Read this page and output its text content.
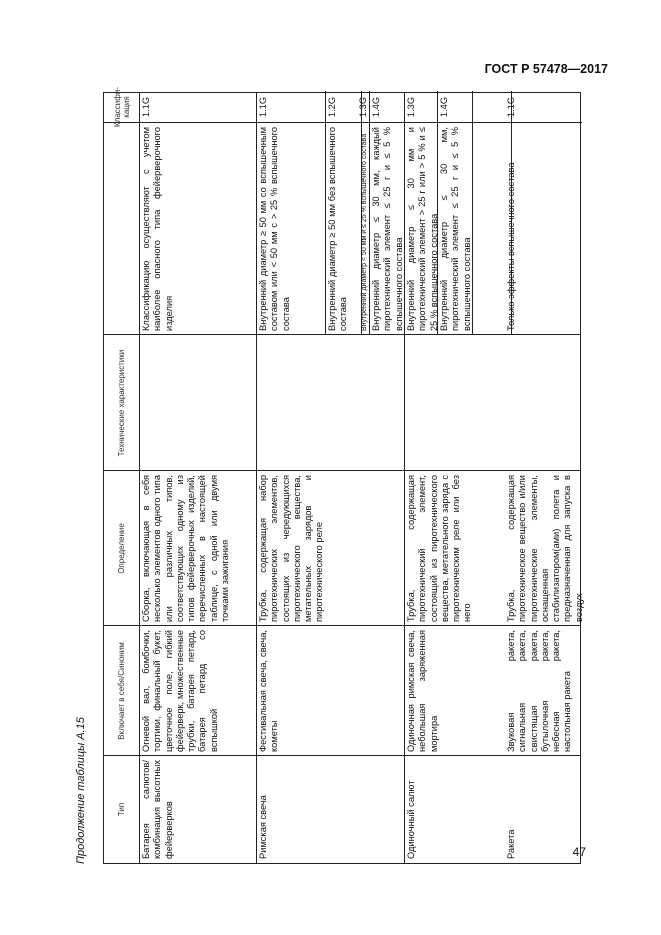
ГОСТ Р 57478—2017
47
Продолжение таблицы А.15	Тип
Включает в себя/Синоним
Определение
Технические характеристики
Классифи-кация
Батарея салютов/комбинация высотных фейерверков
Огневой вал, бомбочки, тортики, финальный букет, цветочное поле, гибкий фейерверк, множественные трубки, батарея петард, батарея петард со вспышкой
Сборка, включающая в себя несколько элементов одного типа или различных типов, соответствующих одному из типов фейерверочных изделий, перечисленных в настоящей таблице, с одной или двумя точками зажигания
Классификацию осуществляют с учетом наиболее опасного типа фейерверочного изделия
1.1G
Римская свеча
Фестивальная свеча, свеча, кометы
Трубка, содержащая набор пиротехнических элементов, состоящих из чередующихся пиротехнического вещества, метательных зарядов и пиротехнического реле
Внутренний диаметр ≥ 50 мм со вспышечным составом или < 50 мм с > 25 % вспышечного состава
1.1G
Внутренний диаметр ≥ 50 мм без вспышечного состава
1.2G
Внутренний диаметр < 50 мм и ≤ 25 % вспышечного состава
1.3G
Внутренний диаметр ≤ 30 мм, каждый пиротехнический элемент ≤ 25 г и ≤ 5 % вспышечного состава
1.4G
Одиночный салют
Одиночная римская свеча, небольшая заряженная мортира
Трубка, содержащая пиротехнический элемент, состоящий из пиротехнического вещества, метательного заряда с пиротехническим реле или без него
Внутренний диаметр ≤ 30 мм и пиротехнический элемент > 25 г или > 5 % и ≤ 25 % вспышечного состава
1.3G
Внутренний диаметр ≤ 30 мм, пиротехнический элемент ≤ 25 г и ≤ 5 % вспышечного состава
1.4G
Ракета
Звуковая ракета, сигнальная ракета, свистящая ракета, бутылочная ракета, небесная ракета, настольная ракета
Трубка, содержащая пиротехническое вещество и/или пиротехнические элементы, оснащенная стабилизатором(ами) полета и предназначенная для запуска в воздух
Только эффекты вспышечного состава
1.1G
